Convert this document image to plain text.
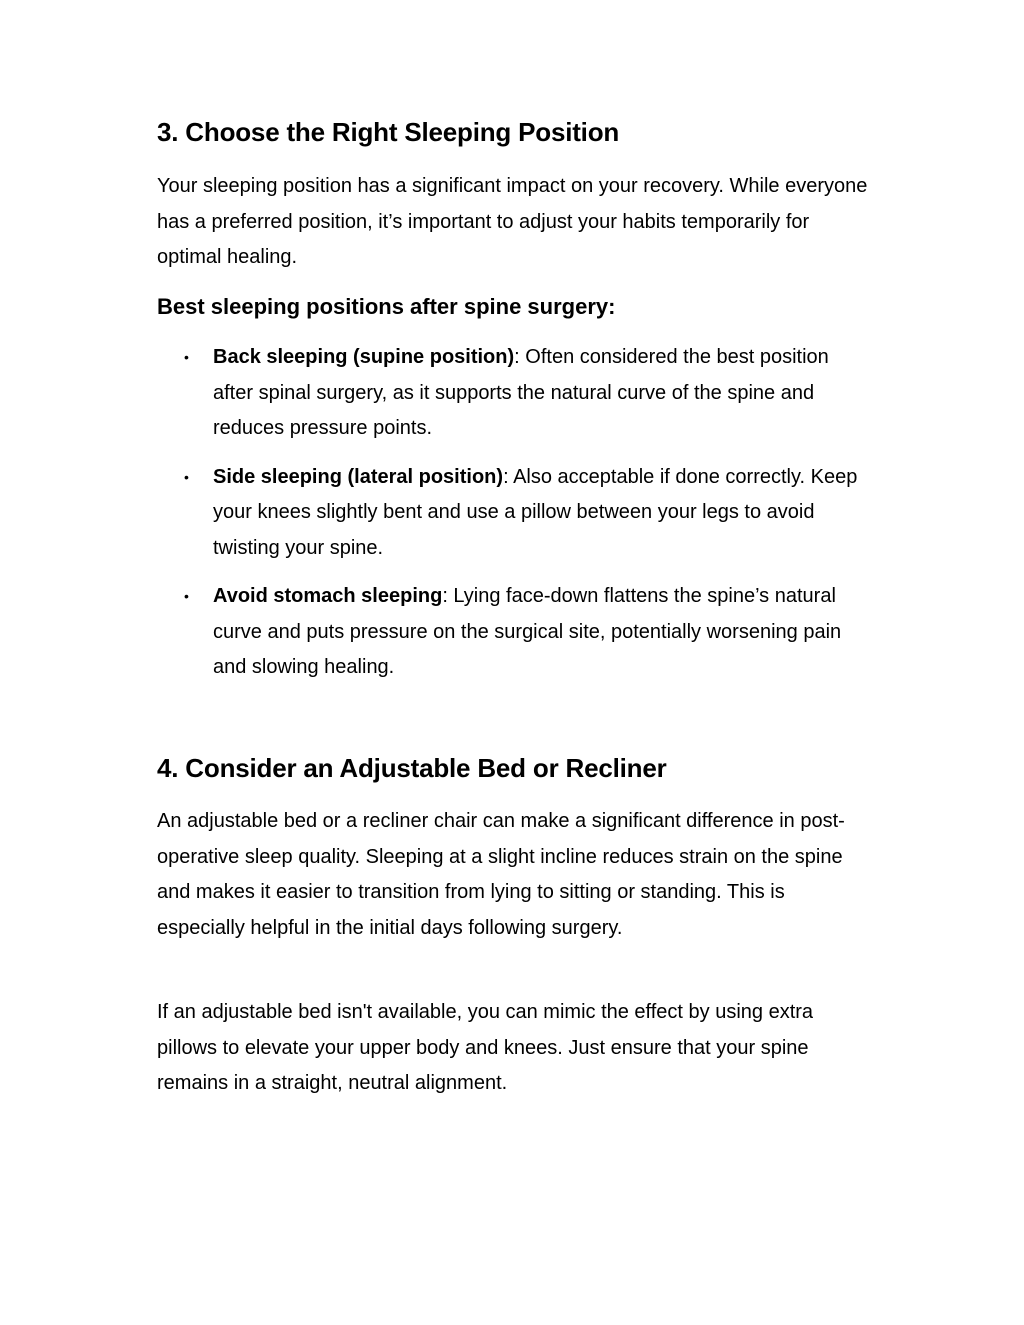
3. Choose the Right Sleeping Position

Your sleeping position has a significant impact on your recovery. While everyone has a preferred position, it’s important to adjust your habits temporarily for optimal healing.

Best sleeping positions after spine surgery:
• Back sleeping (supine position): Often considered the best position after spinal surgery, as it supports the natural curve of the spine and reduces pressure points.
• Side sleeping (lateral position): Also acceptable if done correctly. Keep your knees slightly bent and use a pillow between your legs to avoid twisting your spine.
• Avoid stomach sleeping: Lying face-down flattens the spine’s natural curve and puts pressure on the surgical site, potentially worsening pain and slowing healing.
4. Consider an Adjustable Bed or Recliner

An adjustable bed or a recliner chair can make a significant difference in post-operative sleep quality. Sleeping at a slight incline reduces strain on the spine and makes it easier to transition from lying to sitting or standing. This is especially helpful in the initial days following surgery.

If an adjustable bed isn't available, you can mimic the effect by using extra pillows to elevate your upper body and knees. Just ensure that your spine remains in a straight, neutral alignment.
